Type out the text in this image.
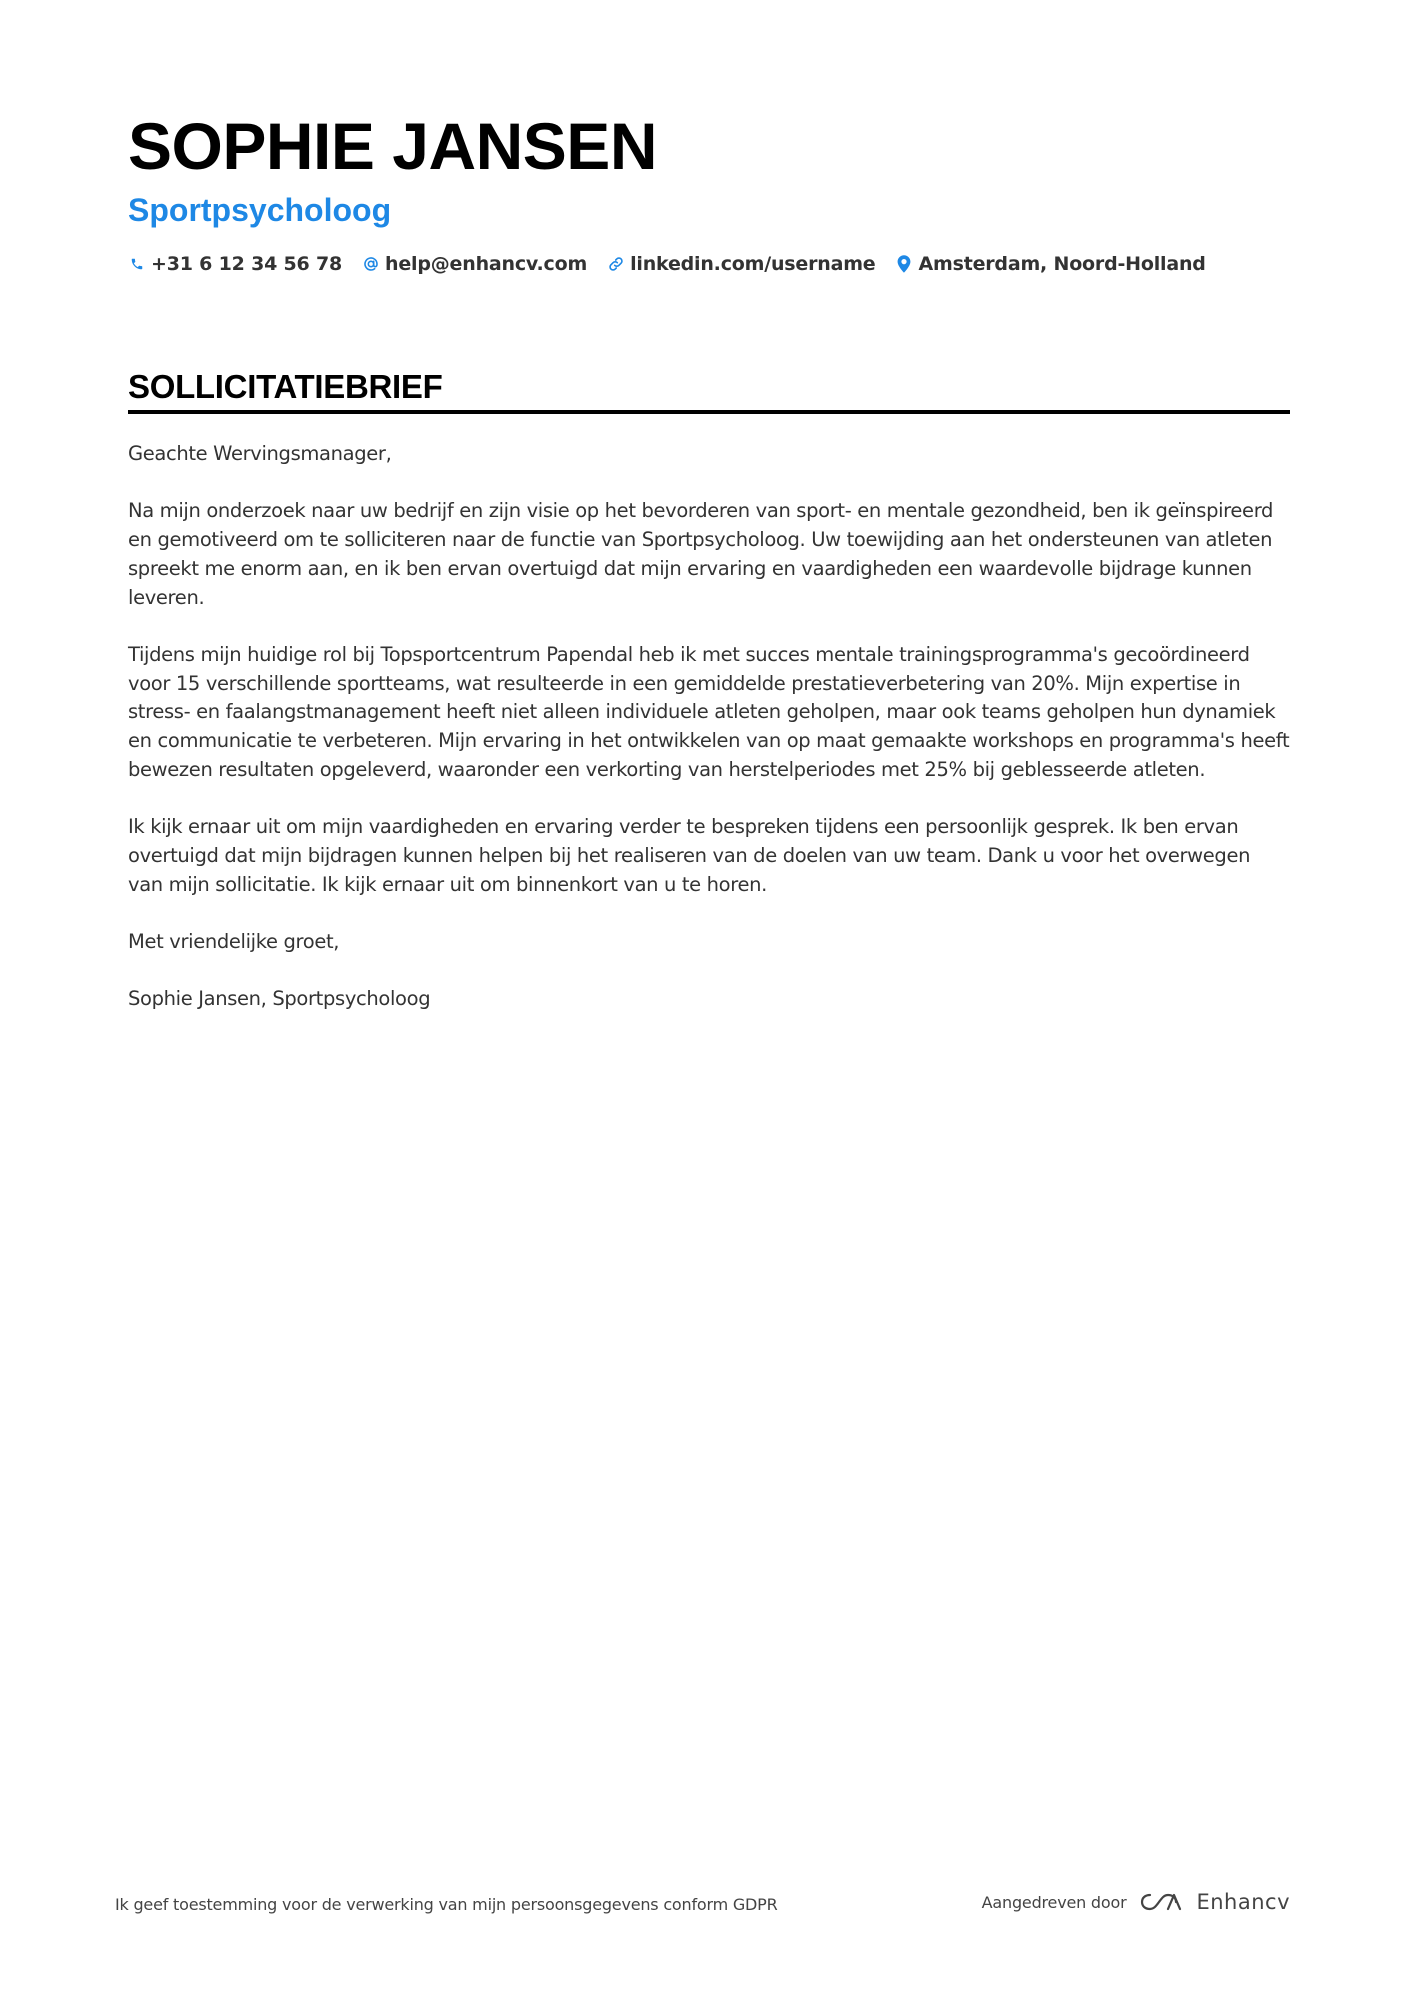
SOPHIE JANSEN
Sportpsycholoog
+31 6 12 34 56 78 help@enhancv.com linkedin.com/username Amsterdam, Noord-Holland
SOLLICITATIEBRIEF

Geachte Wervingsmanager,

Na mijn onderzoek naar uw bedrijf en zijn visie op het bevorderen van sport- en mentale gezondheid, ben ik geïnspireerd en gemotiveerd om te solliciteren naar de functie van Sportpsycholoog. Uw toewijding aan het ondersteunen van atleten spreekt me enorm aan, en ik ben ervan overtuigd dat mijn ervaring en vaardigheden een waardevolle bijdrage kunnen leveren.

Tijdens mijn huidige rol bij Topsportcentrum Papendal heb ik met succes mentale trainingsprogramma's gecoördineerd voor 15 verschillende sportteams, wat resulteerde in een gemiddelde prestatieverbetering van 20%. Mijn expertise in stress- en faalangstmanagement heeft niet alleen individuele atleten geholpen, maar ook teams geholpen hun dynamiek en communicatie te verbeteren. Mijn ervaring in het ontwikkelen van op maat gemaakte workshops en programma's heeft bewezen resultaten opgeleverd, waaronder een verkorting van herstelperiodes met 25% bij geblesseerde atleten.

Ik kijk ernaar uit om mijn vaardigheden en ervaring verder te bespreken tijdens een persoonlijk gesprek. Ik ben ervan overtuigd dat mijn bijdragen kunnen helpen bij het realiseren van de doelen van uw team. Dank u voor het overwegen van mijn sollicitatie. Ik kijk ernaar uit om binnenkort van u te horen.

Met vriendelijke groet,

Sophie Jansen, Sportpsycholoog

Ik geef toestemming voor de verwerking van mijn persoonsgegevens conform GDPR	Aangedreven door	Enhancv
